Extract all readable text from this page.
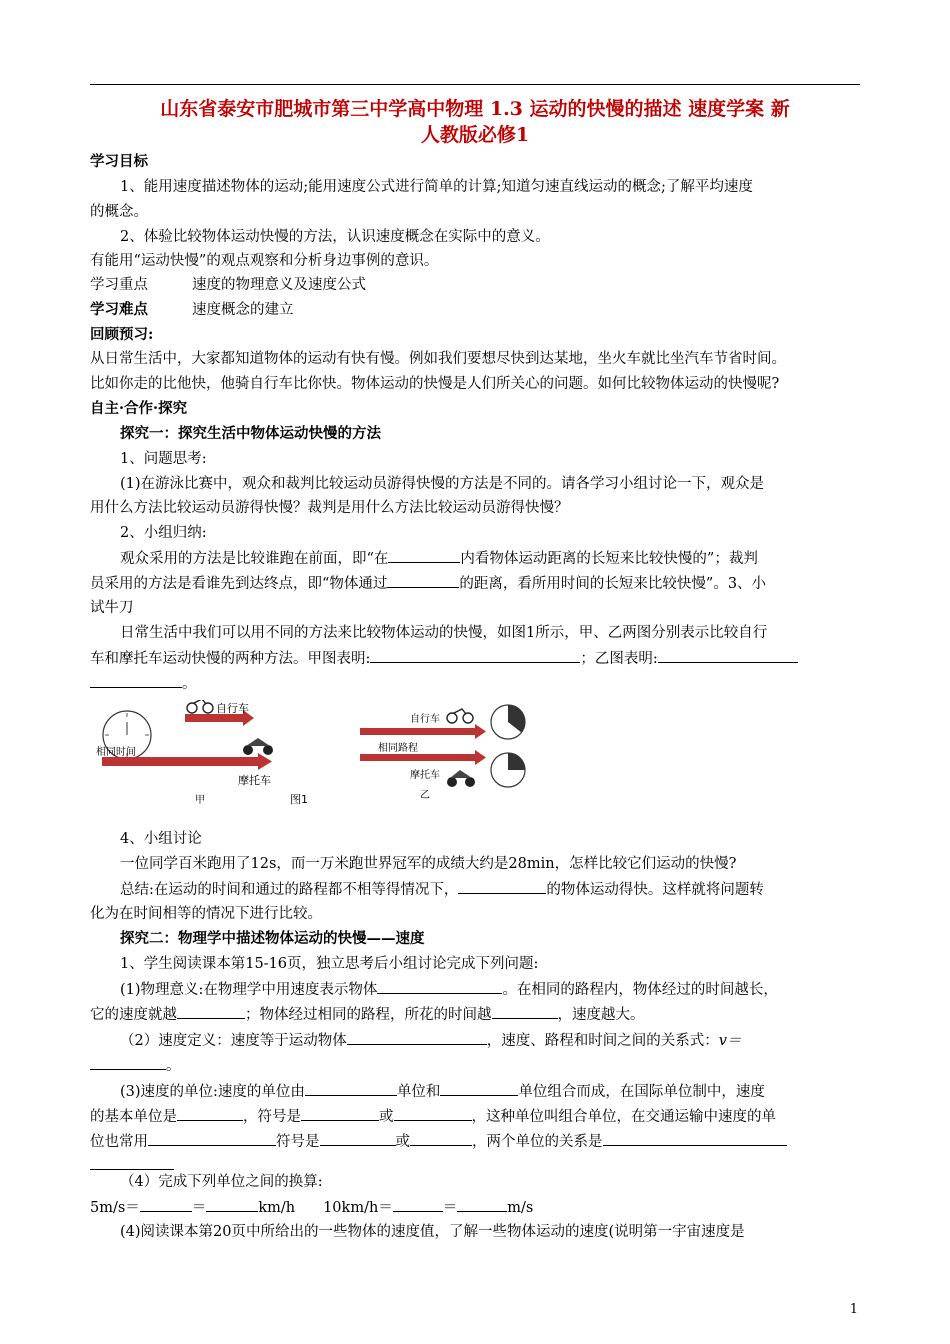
山东省泰安市肥城市第三中学高中物理 1.3 运动的快慢的描述 速度学案 新
人教版必修1
学习目标
1、能用速度描述物体的运动;能用速度公式进行简单的计算;知道匀速直线运动的概念;了解平均速度
的概念。
2、体验比较物体运动快慢的方法，认识速度概念在实际中的意义。
有能用“运动快慢”的观点观察和分析身边事例的意识。
学习重点	速度的物理意义及速度公式
学习难点	速度概念的建立
回顾预习:
从日常生活中，大家都知道物体的运动有快有慢。例如我们要想尽快到达某地，坐火车就比坐汽车节省时间。
比如你走的比他快，他骑自行车比你快。物体运动的快慢是人们所关心的问题。如何比较物体运动的快慢呢?
自主·合作·探究
探究一：探究生活中物体运动快慢的方法
1、问题思考:
(1)在游泳比赛中，观众和裁判比较运动员游得快慢的方法是不同的。请各学习小组讨论一下，观众是
用什么方法比较运动员游得快慢？裁判是用什么方法比较运动员游得快慢？
2、小组归纳:
观众采用的方法是比较谁跑在前面，即“在	内看物体运动距离的长短来比较快慢的”；裁判
员采用的方法是看谁先到达终点，即“物体通过	的距离，看所用时间的长短来比较快慢”。3、小
试牛刀
日常生活中我们可以用不同的方法来比较物体运动的快慢，如图1所示，甲、乙两图分别表示比较自行
车和摩托车运动快慢的两种方法。甲图表明:	；乙图表明:
。
自行车
相同时间
摩托车
甲	图1
自行车
相同路程
摩托车
乙
4、小组讨论
一位同学百米跑用了12s，而一万米跑世界冠军的成绩大约是28min，怎样比较它们运动的快慢?
总结:在运动的时间和通过的路程都不相等得情况下，	的物体运动得快。这样就将问题转
化为在时间相等的情况下进行比较。
探究二：物理学中描述物体运动的快慢——速度
1、学生阅读课本第15-16页，独立思考后小组讨论完成下列问题:
(1)物理意义:在物理学中用速度表示物体	。在相同的路程内，物体经过的时间越长，
它的速度就越	；物体经过相同的路程，所花的时间越	，速度越大。
（2）速度定义：速度等于运动物体	，速度、路程和时间之间的关系式：v＝
。
(3)速度的单位:速度的单位由	单位和	单位组合而成，在国际单位制中，速度
的基本单位是	，符号是	或	，这种单位叫组合单位，在交通运输中速度的单
位也常用	符号是	或	，两个单位的关系是
（4）完成下列单位之间的换算:
5m/s＝	＝	km/h 10km/h＝	＝	m/s
(4)阅读课本第20页中所给出的一些物体的速度值，了解一些物体运动的速度(说明第一宇宙速度是
1
